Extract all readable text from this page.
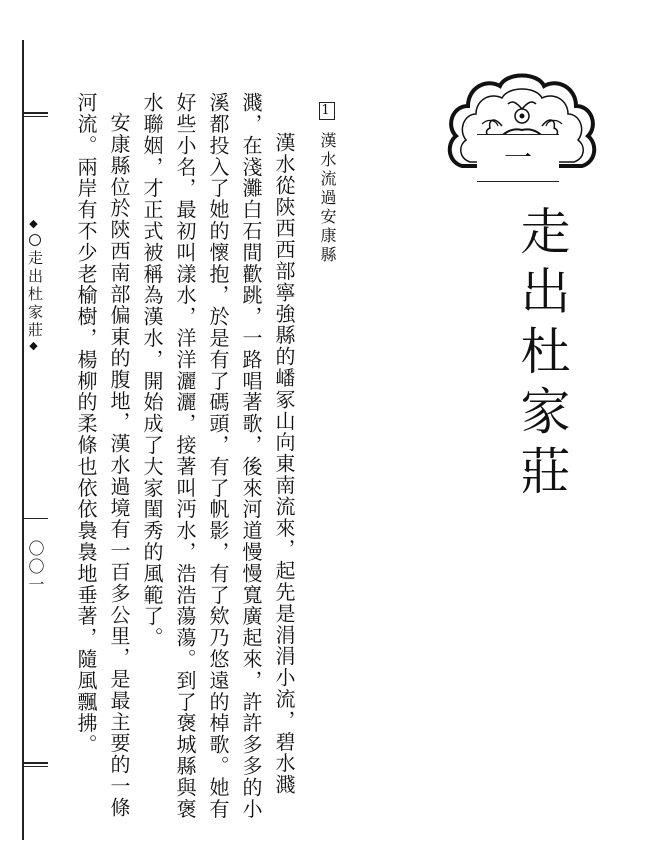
◆
走出杜家莊
◆
〇〇一
一
走出杜家莊
1
漢水流過安康縣

漢水從陝西西部寧強縣的嶓冢山向東南流來，起先是涓涓小流，碧水濺濺，在淺灘白石間歡跳，一路唱著歌，後來河道慢慢寬廣起來，許許多多的小溪都投入了她的懷抱，於是有了碼頭，有了帆影，有了欸乃悠遠的棹歌。她有好些小名，最初叫漾水，洋洋灑灑，接著叫沔水，浩浩蕩蕩。到了褒城縣與褒水聯姻，才正式被稱為漢水，開始成了大家閨秀的風範了。

安康縣位於陝西南部偏東的腹地，漢水過境有一百多公里，是最主要的一條河流。兩岸有不少老榆樹，楊柳的柔條也依依裊裊地垂著，隨風飄拂。
